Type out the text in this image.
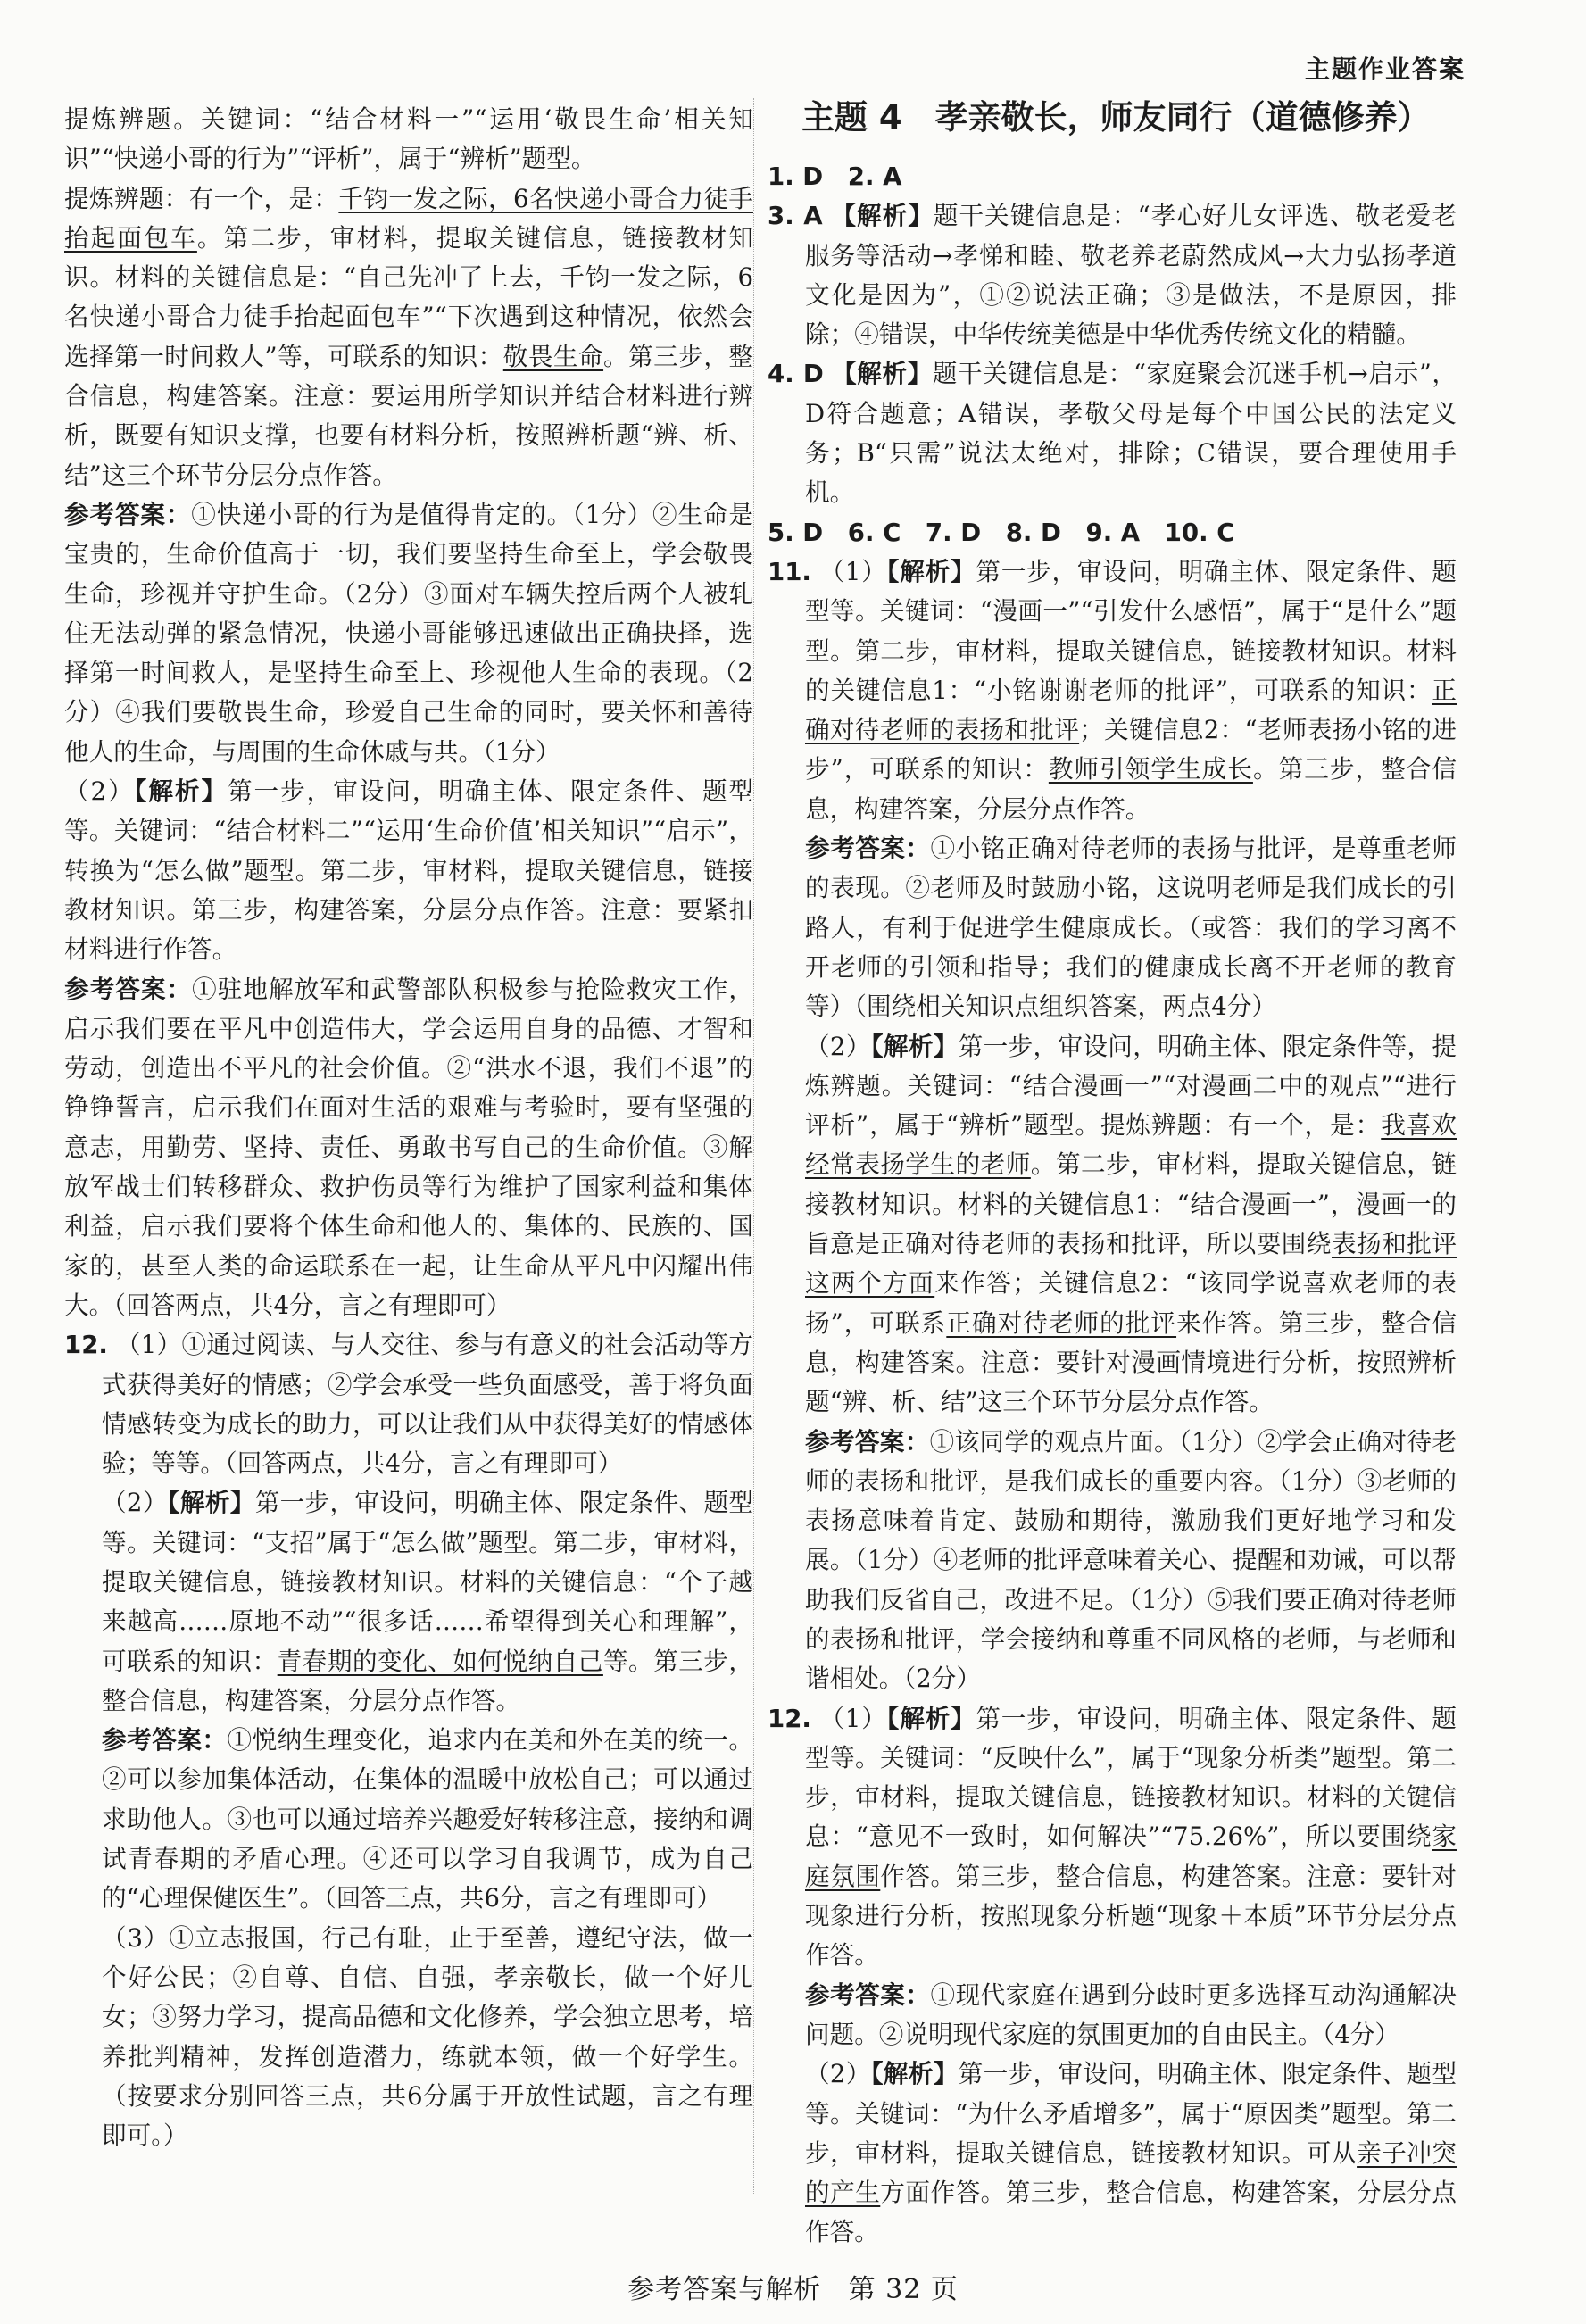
主题作业答案

提炼辨题。关键词：“结合材料一”“运用‘敬畏生命’相关知识”“快递小哥的行为”“评析”，属于“辨析”题型。

提炼辨题：有一个，是：千钧一发之际，6名快递小哥合力徒手抬起面包车。第二步，审材料，提取关键信息，链接教材知识。材料的关键信息是：“自己先冲了上去，千钧一发之际，6名快递小哥合力徒手抬起面包车”“下次遇到这种情况，依然会选择第一时间救人”等，可联系的知识：敬畏生命。第三步，整合信息，构建答案。注意：要运用所学知识并结合材料进行辨析，既要有知识支撑，也要有材料分析，按照辨析题“辨、析、结”这三个环节分层分点作答。

参考答案：①快递小哥的行为是值得肯定的。（1分）②生命是宝贵的，生命价值高于一切，我们要坚持生命至上，学会敬畏生命，珍视并守护生命。（2分）③面对车辆失控后两个人被轧住无法动弹的紧急情况，快递小哥能够迅速做出正确抉择，选择第一时间救人，是坚持生命至上、珍视他人生命的表现。（2分）④我们要敬畏生命，珍爱自己生命的同时，要关怀和善待他人的生命，与周围的生命休戚与共。（1分）

（2）【解析】第一步，审设问，明确主体、限定条件、题型等。关键词：“结合材料二”“运用‘生命价值’相关知识”“启示”，转换为“怎么做”题型。第二步，审材料，提取关键信息，链接教材知识。第三步，构建答案，分层分点作答。注意：要紧扣材料进行作答。

参考答案：①驻地解放军和武警部队积极参与抢险救灾工作，启示我们要在平凡中创造伟大，学会运用自身的品德、才智和劳动，创造出不平凡的社会价值。②“洪水不退，我们不退”的铮铮誓言，启示我们在面对生活的艰难与考验时，要有坚强的意志，用勤劳、坚持、责任、勇敢书写自己的生命价值。③解放军战士们转移群众、救护伤员等行为维护了国家利益和集体利益，启示我们要将个体生命和他人的、集体的、民族的、国家的，甚至人类的命运联系在一起，让生命从平凡中闪耀出伟大。（回答两点，共4分，言之有理即可）

12. （1）①通过阅读、与人交往、参与有意义的社会活动等方式获得美好的情感；②学会承受一些负面感受，善于将负面情感转变为成长的助力，可以让我们从中获得美好的情感体验；等等。（回答两点，共4分，言之有理即可）

（2）【解析】第一步，审设问，明确主体、限定条件、题型等。关键词：“支招”属于“怎么做”题型。第二步，审材料，提取关键信息，链接教材知识。材料的关键信息：“个子越来越高……原地不动”“很多话……希望得到关心和理解”，可联系的知识：青春期的变化、如何悦纳自己等。第三步，整合信息，构建答案，分层分点作答。

参考答案：①悦纳生理变化，追求内在美和外在美的统一。②可以参加集体活动，在集体的温暖中放松自己；可以通过求助他人。③也可以通过培养兴趣爱好转移注意，接纳和调试青春期的矛盾心理。④还可以学习自我调节，成为自己的“心理保健医生”。（回答三点，共6分，言之有理即可）

（3）①立志报国，行己有耻，止于至善，遵纪守法，做一个好公民；②自尊、自信、自强，孝亲敬长，做一个好儿女；③努力学习，提高品德和文化修养，学会独立思考，培养批判精神，发挥创造潜力，练就本领，做一个好学生。（按要求分别回答三点，共6分属于开放性试题，言之有理即可。）

主题 4　孝亲敬长，师友同行（道德修养）

1. D　2. A

3. A 【解析】题干关键信息是：“孝心好儿女评选、敬老爱老服务等活动→孝悌和睦、敬老养老蔚然成风→大力弘扬孝道文化是因为”，①②说法正确；③是做法，不是原因，排除；④错误，中华传统美德是中华优秀传统文化的精髓。

4. D 【解析】题干关键信息是：“家庭聚会沉迷手机→启示”，D符合题意；A错误，孝敬父母是每个中国公民的法定义务；B“只需”说法太绝对，排除；C错误，要合理使用手机。

5. D　6. C　7. D　8. D　9. A　10. C

11. （1）【解析】第一步，审设问，明确主体、限定条件、题型等。关键词：“漫画一”“引发什么感悟”，属于“是什么”题型。第二步，审材料，提取关键信息，链接教材知识。材料的关键信息1：“小铭谢谢老师的批评”，可联系的知识：正确对待老师的表扬和批评；关键信息2：“老师表扬小铭的进步”，可联系的知识：教师引领学生成长。第三步，整合信息，构建答案，分层分点作答。

参考答案：①小铭正确对待老师的表扬与批评，是尊重老师的表现。②老师及时鼓励小铭，这说明老师是我们成长的引路人，有利于促进学生健康成长。（或答：我们的学习离不开老师的引领和指导；我们的健康成长离不开老师的教育等）（围绕相关知识点组织答案，两点4分）

（2）【解析】第一步，审设问，明确主体、限定条件等，提炼辨题。关键词：“结合漫画一”“对漫画二中的观点”“进行评析”，属于“辨析”题型。提炼辨题：有一个，是：我喜欢经常表扬学生的老师。第二步，审材料，提取关键信息，链接教材知识。材料的关键信息1：“结合漫画一”，漫画一的旨意是正确对待老师的表扬和批评，所以要围绕表扬和批评这两个方面来作答；关键信息2：“该同学说喜欢老师的表扬”，可联系正确对待老师的批评来作答。第三步，整合信息，构建答案。注意：要针对漫画情境进行分析，按照辨析题“辨、析、结”这三个环节分层分点作答。

参考答案：①该同学的观点片面。（1分）②学会正确对待老师的表扬和批评，是我们成长的重要内容。（1分）③老师的表扬意味着肯定、鼓励和期待，激励我们更好地学习和发展。（1分）④老师的批评意味着关心、提醒和劝诫，可以帮助我们反省自己，改进不足。（1分）⑤我们要正确对待老师的表扬和批评，学会接纳和尊重不同风格的老师，与老师和谐相处。（2分）

12. （1）【解析】第一步，审设问，明确主体、限定条件、题型等。关键词：“反映什么”，属于“现象分析类”题型。第二步，审材料，提取关键信息，链接教材知识。材料的关键信息：“意见不一致时，如何解决”“75.26%”，所以要围绕家庭氛围作答。第三步，整合信息，构建答案。注意：要针对现象进行分析，按照现象分析题“现象＋本质”环节分层分点作答。

参考答案：①现代家庭在遇到分歧时更多选择互动沟通解决问题。②说明现代家庭的氛围更加的自由民主。（4分）

（2）【解析】第一步，审设问，明确主体、限定条件、题型等。关键词：“为什么矛盾增多”，属于“原因类”题型。第二步，审材料，提取关键信息，链接教材知识。可从亲子冲突的产生方面作答。第三步，整合信息，构建答案，分层分点作答。

参考答案与解析 第 32 页
